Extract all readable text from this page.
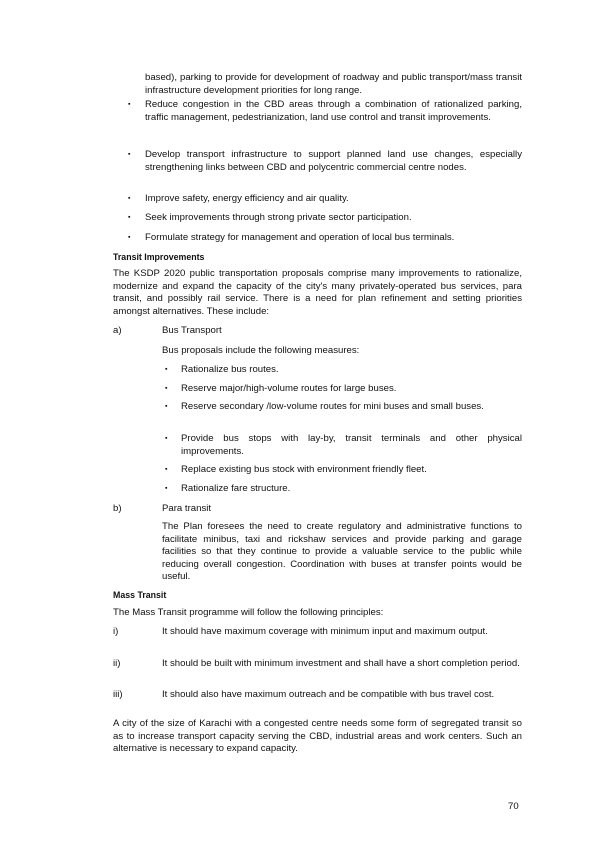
based), parking to provide for development of roadway and public transport/mass transit infrastructure development priorities for long range.

▪ Reduce congestion in the CBD areas through a combination of rationalized parking, traffic management, pedestrianization, land use control and transit improvements.

▪ Develop transport infrastructure to support planned land use changes, especially strengthening links between CBD and polycentric commercial centre nodes.

▪ Improve safety, energy efficiency and air quality.

▪ Seek improvements through strong private sector participation.

▪ Formulate strategy for management and operation of local bus terminals.

Transit Improvements

The KSDP 2020 public transportation proposals comprise many improvements to rationalize, modernize and expand the capacity of the city's many privately-operated bus services, para transit, and possibly rail service. There is a need for plan refinement and setting priorities amongst alternatives. These include:

a)	Bus Transport

Bus proposals include the following measures:

▪ Rationalize bus routes.

▪ Reserve major/high-volume routes for large buses.

▪ Reserve secondary /low-volume routes for mini buses and small buses.

▪ Provide bus stops with lay-by, transit terminals and other physical improvements.

▪ Replace existing bus stock with environment friendly fleet.

▪ Rationalize fare structure.

b)	Para transit

The Plan foresees the need to create regulatory and administrative functions to facilitate minibus, taxi and rickshaw services and provide parking and garage facilities so that they continue to provide a valuable service to the public while reducing overall congestion. Coordination with buses at transfer points would be useful.

Mass Transit

The Mass Transit programme will follow the following principles:

i)	It should have maximum coverage with minimum input and maximum output.

ii)	It should be built with minimum investment and shall have a short completion period.

iii)	It should also have maximum outreach and be compatible with bus travel cost.

A city of the size of Karachi with a congested centre needs some form of segregated transit so as to increase transport capacity serving the CBD, industrial areas and work centers. Such an alternative is necessary to expand capacity.

70
